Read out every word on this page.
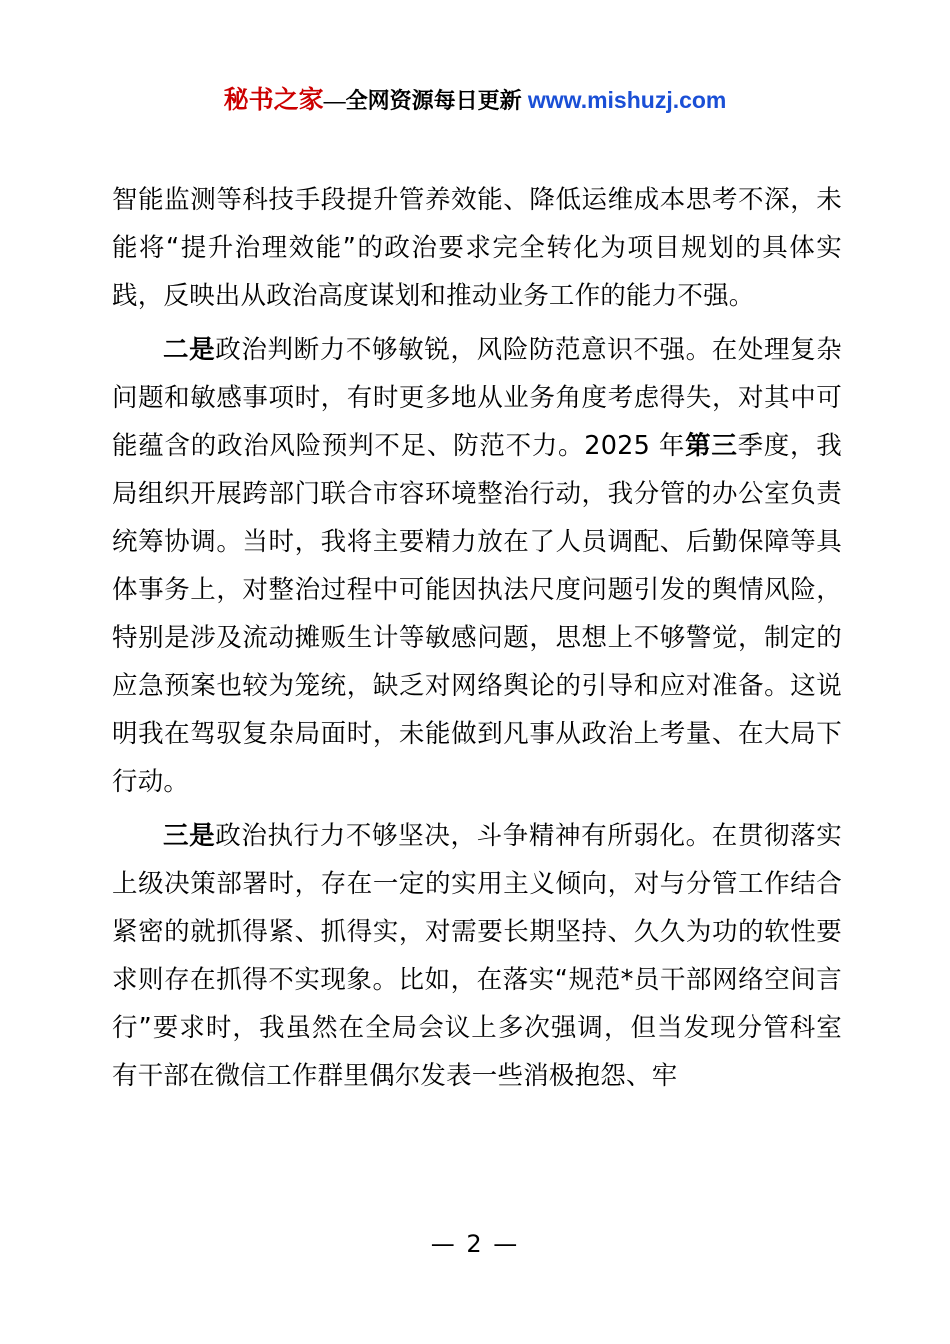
秘书之家—全网资源每日更新 www.mishuzj.com

智能监测等科技手段提升管养效能、降低运维成本思考不深，未能将“提升治理效能”的政治要求完全转化为项目规划的具体实践，反映出从政治高度谋划和推动业务工作的能力不强。

二是政治判断力不够敏锐，风险防范意识不强。在处理复杂问题和敏感事项时，有时更多地从业务角度考虑得失，对其中可能蕴含的政治风险预判不足、防范不力。2025 年第三季度，我局组织开展跨部门联合市容环境整治行动，我分管的办公室负责统筹协调。当时，我将主要精力放在了人员调配、后勤保障等具体事务上，对整治过程中可能因执法尺度问题引发的舆情风险，特别是涉及流动摊贩生计等敏感问题，思想上不够警觉，制定的应急预案也较为笼统，缺乏对网络舆论的引导和应对准备。这说明我在驾驭复杂局面时，未能做到凡事从政治上考量、在大局下行动。

三是政治执行力不够坚决，斗争精神有所弱化。在贯彻落实上级决策部署时，存在一定的实用主义倾向，对与分管工作结合紧密的就抓得紧、抓得实，对需要长期坚持、久久为功的软性要求则存在抓得不实现象。比如，在落实“规范*员干部网络空间言行”要求时，我虽然在全局会议上多次强调，但当发现分管科室有干部在微信工作群里偶尔发表一些消极抱怨、牢

— 2 —
